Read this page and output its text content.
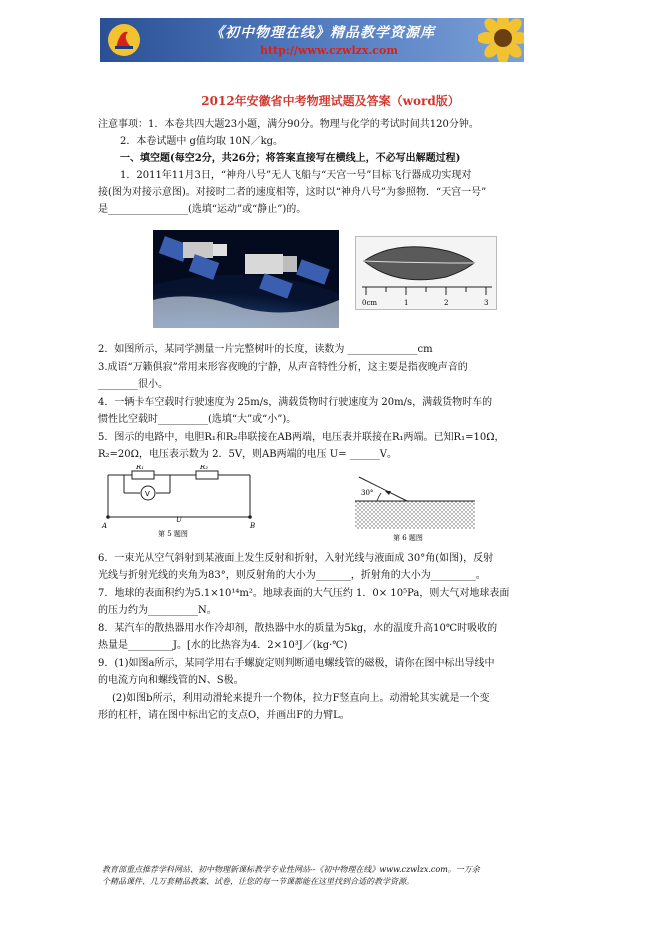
《初中物理在线》精品教学资源库
http://www.czwlzx.com
2012年安徽省中考物理试题及答案（word版）
注意事项：1．本卷共四大题23小题，满分90分。物理与化学的考试时间共120分钟。
2．本卷试题中 g值均取 10N／kg。
一、填空题(每空2分，共26分；将答案直接写在横线上，不必写出解题过程)
1．2011年11月3日，“神舟八号”无人飞船与“天宫一号”目标飞行器成功实现对
接(图为对接示意图)。对接时二者的速度相等，这时以“神舟八号”为参照物．“天宫一号”
是________________(选填“运动”或“静止”)的。
0cm	1	2	3
2．如图所示，某同学测量一片完整树叶的长度，读数为 ______________cm
3.成语“万籁俱寂”常用来形容夜晚的宁静，从声音特性分析，这主要是指夜晚声音的
________很小。
4．一辆卡车空载时行驶速度为 25m/s，满载货物时行驶速度为 20m/s，满载货物时车的
惯性比空载时__________(选填“大”或“小”)。
5．图示的电路中，电胆R₁和R₂串联接在AB两端，电压表并联接在R₁两端。已知R₁=10Ω，
R₂=20Ω，电压表示数为 2．5V，则AB两端的电压 U= ______V。
R₁	R₂
V
A	B
U
第 5 题图
30°
第 6 题图
6．一束光从空气斜射到某液面上发生反射和折射，入射光线与液面成 30°角(如图)，反射
光线与折射光线的夹角为83°，则反射角的大小为_______，折射角的大小为_________。
7．地球的表面积约为5.1×10¹⁴m²。地球表面的大气压约 1．0× 10⁵Pa，则大气对地球表面
的压力约为__________N。
8．某汽车的散热器用水作冷却剂，散热器中水的质量为5kg，水的温度升高10℃时吸收的
热量是_________J。[水的比热容为4．2×10³J／(kg·℃)
9．(1)如图a所示，某同学用右手螺旋定则判断通电螺线管的磁极，请你在图中标出导线中
的电流方向和螺线管的N、S极。
(2)如图b所示，利用动滑轮来提升一个物体，拉力F竖直向上。动滑轮其实就是一个变
形的杠杆，请在图中标出它的支点O，并画出F的力臂L。
教育部重点推荐学科网站、初中物理新课标教学专业性网站--《初中物理在线》www.czwlzx.com。一万余
个精品课件、几万套精品教案、试卷，让您的每一节课都能在这里找到合适的教学资源。
